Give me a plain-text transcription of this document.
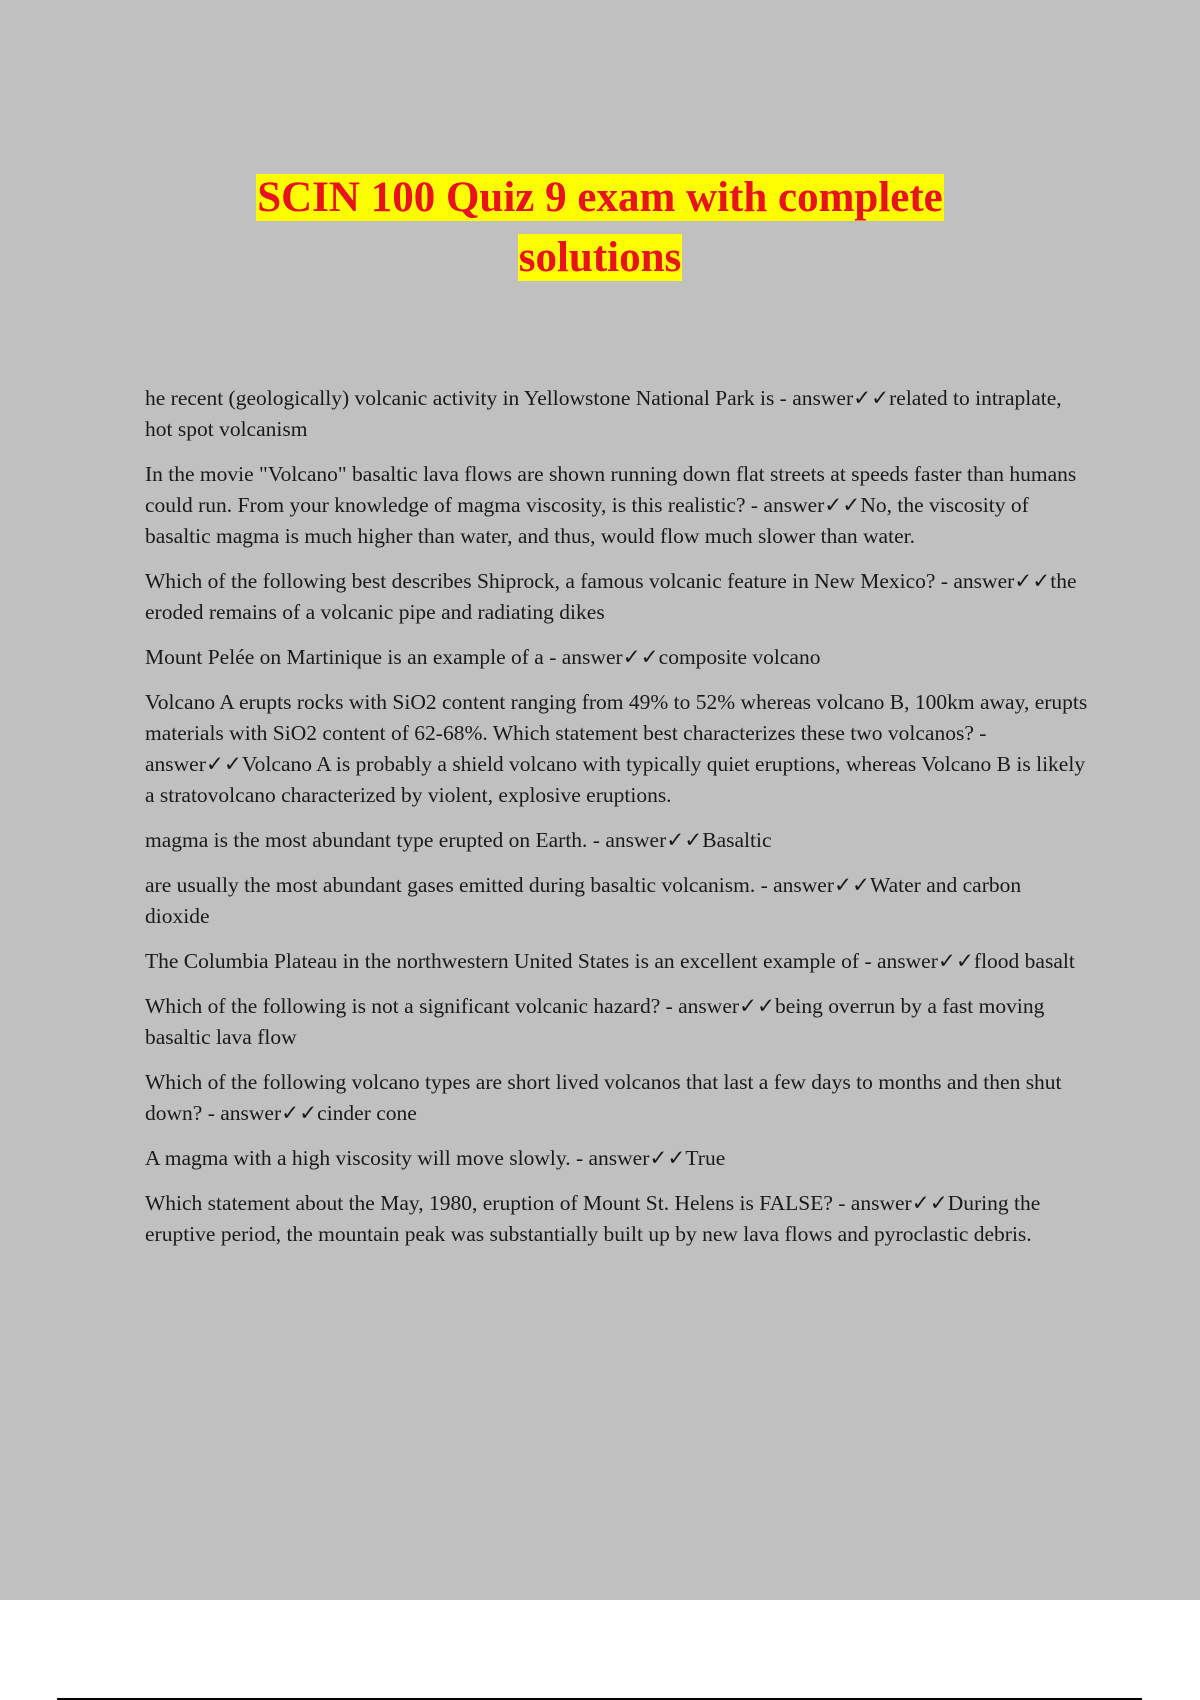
SCIN 100 Quiz 9 exam with complete
solutions

he recent (geologically) volcanic activity in Yellowstone National Park is - answer✓✓related to intraplate, hot spot volcanism

In the movie "Volcano" basaltic lava flows are shown running down flat streets at speeds faster than humans could run. From your knowledge of magma viscosity, is this realistic? - answer✓✓No, the viscosity of basaltic magma is much higher than water, and thus, would flow much slower than water.

Which of the following best describes Shiprock, a famous volcanic feature in New Mexico? - answer✓✓the eroded remains of a volcanic pipe and radiating dikes

Mount Pelée on Martinique is an example of a - answer✓✓composite volcano

Volcano A erupts rocks with SiO2 content ranging from 49% to 52% whereas volcano B, 100km away, erupts materials with SiO2 content of 62-68%. Which statement best characterizes these two volcanos? - answer✓✓Volcano A is probably a shield volcano with typically quiet eruptions, whereas Volcano B is likely a stratovolcano characterized by violent, explosive eruptions.

magma is the most abundant type erupted on Earth. - answer✓✓Basaltic

are usually the most abundant gases emitted during basaltic volcanism. - answer✓✓Water and carbon dioxide

The Columbia Plateau in the northwestern United States is an excellent example of - answer✓✓flood basalt

Which of the following is not a significant volcanic hazard? - answer✓✓being overrun by a fast moving basaltic lava flow

Which of the following volcano types are short lived volcanos that last a few days to months and then shut down? - answer✓✓cinder cone

A magma with a high viscosity will move slowly. - answer✓✓True

Which statement about the May, 1980, eruption of Mount St. Helens is FALSE? - answer✓✓During the eruptive period, the mountain peak was substantially built up by new lava flows and pyroclastic debris.
